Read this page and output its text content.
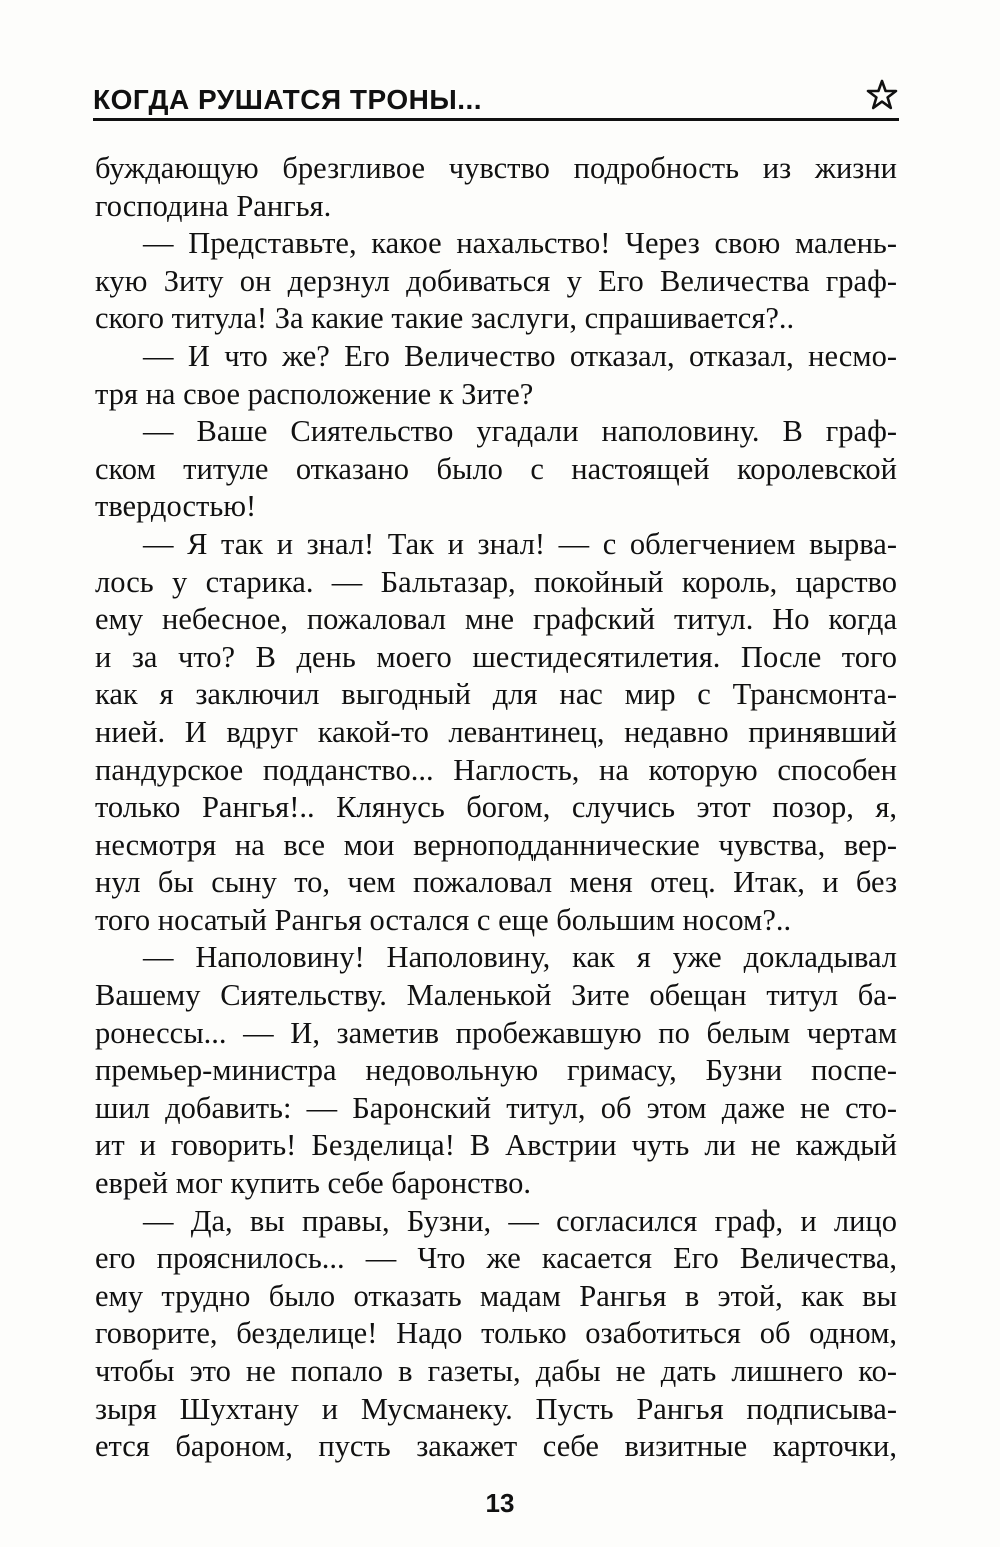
КОГДА РУШАТСЯ ТРОНЫ...
буждающую брезгливое чувство подробность из жизни
господина Рангья.
— Представьте, какое нахальство! Через свою малень-
кую Зиту он дерзнул добиваться у Его Величества граф-
ского титула! За какие такие заслуги, спрашивается?..
— И что же? Его Величество отказал, отказал, несмо-
тря на свое расположение к Зите?
— Ваше Сиятельство угадали наполовину. В граф-
ском титуле отказано было с настоящей королевской
твердостью!
— Я так и знал! Так и знал! — с облегчением вырва-
лось у старика. — Бальтазар, покойный король, царство
ему небесное, пожаловал мне графский титул. Но когда
и за что? В день моего шестидесятилетия. После того
как я заключил выгодный для нас мир с Трансмонта-
нией. И вдруг какой-то левантинец, недавно принявший
пандурское подданство... Наглость, на которую способен
только Рангья!.. Клянусь богом, случись этот позор, я,
несмотря на все мои верноподданнические чувства, вер-
нул бы сыну то, чем пожаловал меня отец. Итак, и без
того носатый Рангья остался с еще большим носом?..
— Наполовину! Наполовину, как я уже докладывал
Вашему Сиятельству. Маленькой Зите обещан титул ба-
ронессы... — И, заметив пробежавшую по белым чертам
премьер-министра недовольную гримасу, Бузни поспе-
шил добавить: — Баронский титул, об этом даже не сто-
ит и говорить! Безделица! В Австрии чуть ли не каждый
еврей мог купить себе баронство.
— Да, вы правы, Бузни, — согласился граф, и лицо
его прояснилось... — Что же касается Его Величества,
ему трудно было отказать мадам Рангья в этой, как вы
говорите, безделице! Надо только озаботиться об одном,
чтобы это не попало в газеты, дабы не дать лишнего ко-
зыря Шухтану и Мусманеку. Пусть Рангья подписыва-
ется бароном, пусть закажет себе визитные карточки,
13
